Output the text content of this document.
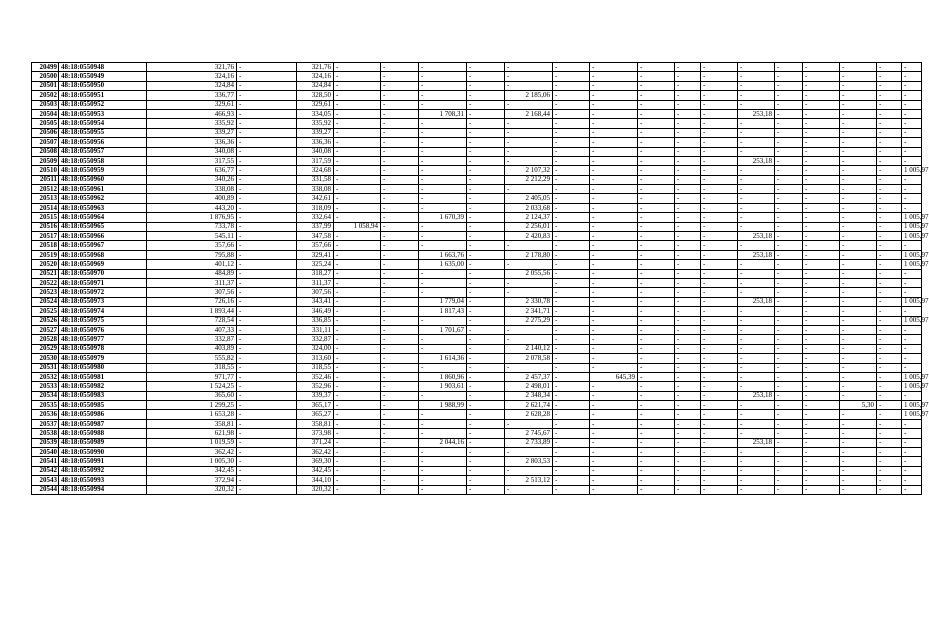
20499	48:18:0550948	321,76	-	321,76	-	-	-	-	-	-	-	-	-	-	-	-	-	-	-	-
20500	48:18:0550949	324,16	-	324,16	-	-	-	-	-	-	-	-	-	-	-	-	-	-	-	-
20501	48:18:0550950	324,84	-	324,84	-	-	-	-	-	-	-	-	-	-	-	-	-	-	-	-
20502	48:18:0550951	336,77	-	328,50	-	-	-	-	2 185,06	-	-	-	-	-	-	-	-	-	-	-
20503	48:18:0550952	329,61	-	329,61	-	-	-	-	-	-	-	-	-	-	-	-	-	-	-	-
20504	48:18:0550953	466,93	-	334,05	-	-	1 708,31	-	2 168,44	-	-	-	-	-	253,18	-	-	-	-	-
20505	48:18:0550954	335,92	-	335,92	-	-	-	-	-	-	-	-	-	-	-	-	-	-	-	-
20506	48:18:0550955	339,27	-	339,27	-	-	-	-	-	-	-	-	-	-	-	-	-	-	-	-
20507	48:18:0550956	336,36	-	336,36	-	-	-	-	-	-	-	-	-	-	-	-	-	-	-	-
20508	48:18:0550957	340,08	-	340,08	-	-	-	-	-	-	-	-	-	-	-	-	-	-	-	-
20509	48:18:0550958	317,55	-	317,59	-	-	-	-	-	-	-	-	-	-	253,18	-	-	-	-	-
20510	48:18:0550959	636,77	-	324,68	-	-	-	-	2 107,32	-	-	-	-	-	-	-	-	-	-	1 005,97
20511	48:18:0550960	340,26	-	331,58	-	-	-	-	2 212,29	-	-	-	-	-	-	-	-	-	-	-
20512	48:18:0550961	338,08	-	338,08	-	-	-	-	-	-	-	-	-	-	-	-	-	-	-	-
20513	48:18:0550962	400,89	-	342,61	-	-	-	-	2 405,05	-	-	-	-	-	-	-	-	-	-	-
20514	48:18:0550963	443,20	-	318,09	-	-	-	-	2 033,68	-	-	-	-	-	-	-	-	-	-	-
20515	48:18:0550964	1 876,95	-	332,64	-	-	1 670,39	-	2 124,37	-	-	-	-	-	-	-	-	-	-	1 005,97
20516	48:18:0550965	733,78	-	337,99	1 058,94	-	-	-	2 256,01	-	-	-	-	-	-	-	-	-	-	1 005,97
20517	48:18:0550966	545,11	-	347,58	-	-	-	-	2 420,83	-	-	-	-	-	253,18	-	-	-	-	1 005,97
20518	48:18:0550967	357,66	-	357,66	-	-	-	-	-	-	-	-	-	-	-	-	-	-	-	-
20519	48:18:0550968	795,88	-	329,41	-	-	1 663,76	-	2 178,80	-	-	-	-	-	253,18	-	-	-	-	1 005,97
20520	48:18:0550969	401,12	-	325,24	-	-	1 635,00	-	-	-	-	-	-	-	-	-	-	-	-	1 005,97
20521	48:18:0550970	484,89	-	318,27	-	-	-	-	2 055,56	-	-	-	-	-	-	-	-	-	-	-
20522	48:18:0550971	311,37	-	311,37	-	-	-	-	-	-	-	-	-	-	-	-	-	-	-	-
20523	48:18:0550972	307,56	-	307,56	-	-	-	-	-	-	-	-	-	-	-	-	-	-	-	-
20524	48:18:0550973	726,16	-	343,41	-	-	1 779,04	-	2 330,78	-	-	-	-	-	253,18	-	-	-	-	1 005,97
20525	48:18:0550974	1 893,44	-	346,49	-	-	1 817,43	-	2 341,71	-	-	-	-	-	-	-	-	-	-	-
20526	48:18:0550975	728,54	-	336,85	-	-	-	-	2 275,29	-	-	-	-	-	-	-	-	-	-	1 005,97
20527	48:18:0550976	407,33	-	331,11	-	-	1 701,67	-	-	-	-	-	-	-	-	-	-	-	-	-
20528	48:18:0550977	332,87	-	332,87	-	-	-	-	-	-	-	-	-	-	-	-	-	-	-	-
20529	48:18:0550978	403,89	-	324,00	-	-	-	-	2 140,12	-	-	-	-	-	-	-	-	-	-	-
20530	48:18:0550979	555,82	-	313,60	-	-	1 614,36	-	2 078,58	-	-	-	-	-	-	-	-	-	-	-
20531	48:18:0550980	318,55	-	318,55	-	-	-	-	-	-	-	-	-	-	-	-	-	-	-	-
20532	48:18:0550981	971,77	-	352,46	-	-	1 860,96	-	2 457,37	-	645,39	-	-	-	-	-	-	-	-	1 005,97
20533	48:18:0550982	1 524,25	-	352,96	-	-	1 903,61	-	2 498,01	-	-	-	-	-	-	-	-	-	-	1 005,97
20534	48:18:0550983	365,60	-	339,37	-	-	-	-	2 348,34	-	-	-	-	-	253,18	-	-	-	-	-
20535	48:18:0550985	1 299,25	-	365,17	-	-	1 988,99	-	2 621,74	-	-	-	-	-	-	-	-	5,30	-	1 005,97
20536	48:18:0550986	1 653,28	-	365,27	-	-	-	-	2 628,28	-	-	-	-	-	-	-	-	-	-	1 005,97
20537	48:18:0550987	358,81	-	358,81	-	-	-	-	-	-	-	-	-	-	-	-	-	-	-	-
20538	48:18:0550988	621,98	-	373,98	-	-	-	-	2 745,67	-	-	-	-	-	-	-	-	-	-	-
20539	48:18:0550989	1 019,59	-	371,24	-	-	2 044,16	-	2 733,89	-	-	-	-	-	253,18	-	-	-	-	-
20540	48:18:0550990	362,42	-	362,42	-	-	-	-	-	-	-	-	-	-	-	-	-	-	-	-
20541	48:18:0550991	1 005,30	-	369,30	-	-	-	-	2 803,53	-	-	-	-	-	-	-	-	-	-	-
20542	48:18:0550992	342,45	-	342,45	-	-	-	-	-	-	-	-	-	-	-	-	-	-	-	-
20543	48:18:0550993	372,94	-	344,10	-	-	-	-	2 513,12	-	-	-	-	-	-	-	-	-	-	-
20544	48:18:0550994	320,32	-	320,32	-	-	-	-	-	-	-	-	-	-	-	-	-	-	-	-
